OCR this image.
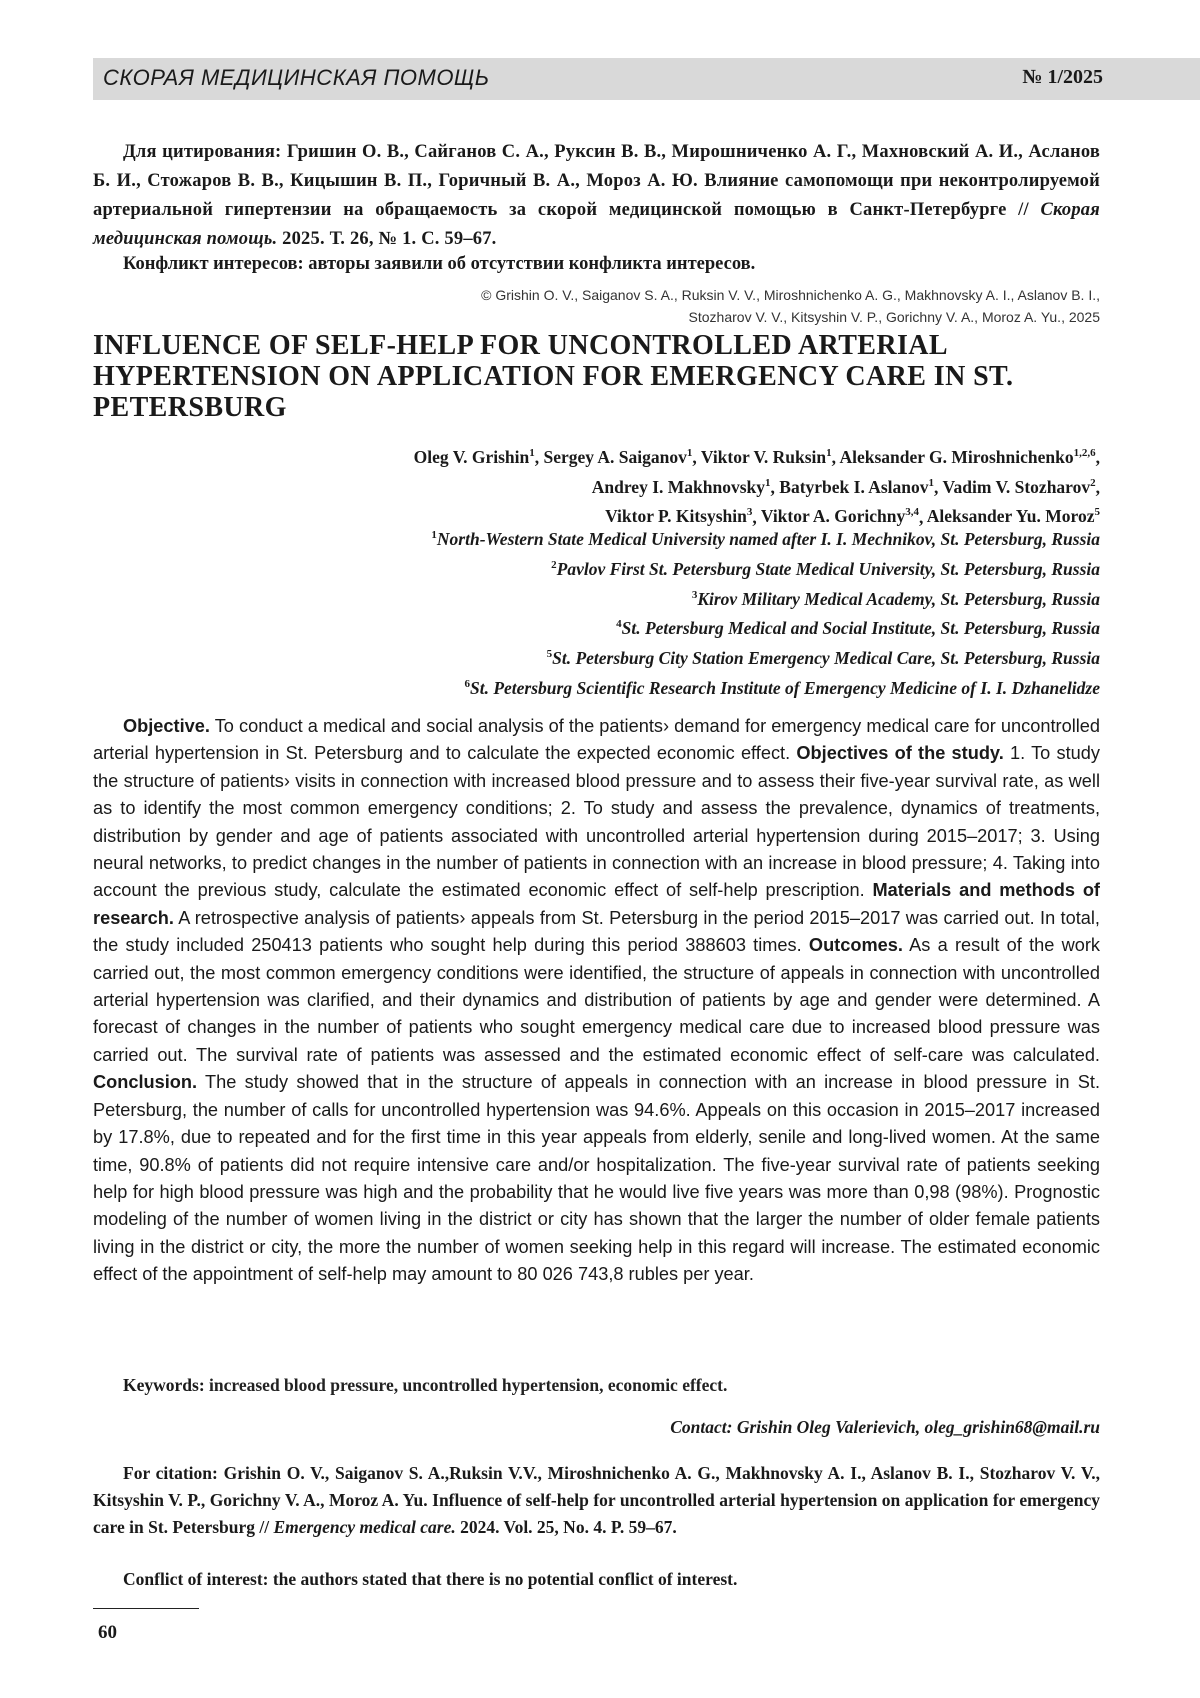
СКОРАЯ МЕДИЦИНСКАЯ ПОМОЩЬ	№ 1/2025
Для цитирования: Гришин О. В., Сайганов С. А., Руксин В. В., Мирошниченко А. Г., Махновский А. И., Асланов Б. И., Стожаров В. В., Кицышин В. П., Горичный В. А., Мороз А. Ю. Влияние самопомощи при неконтролируемой артериальной гипертензии на обращаемость за скорой медицинской помощью в Санкт-Петербурге // Скорая медицинская помощь. 2025. Т. 26, № 1. С. 59–67.
Конфликт интересов: авторы заявили об отсутствии конфликта интересов.
© Grishin O. V., Saiganov S. A., Ruksin V. V., Miroshnichenko A. G., Makhnovsky A. I., Aslanov B. I.,
Stozharov V. V., Kitsyshin V. P., Gorichny V. A., Moroz A. Yu., 2025
INFLUENCE OF SELF-HELP FOR UNCONTROLLED ARTERIAL HYPERTENSION ON APPLICATION FOR EMERGENCY CARE IN ST. PETERSBURG
Oleg V. Grishin$^1$, Sergey A. Saiganov$^1$, Viktor V. Ruksin$^1$, Aleksander G. Miroshnichenko$^{1,2,6}$,
Andrey I. Makhnovsky$^1$, Batyrbek I. Aslanov$^1$, Vadim V. Stozharov$^2$,
Viktor P. Kitsyshin$^3$, Viktor A. Gorichny$^{3,4}$, Aleksander Yu. Moroz$^5$
$^1$North-Western State Medical University named after I. I. Mechnikov, St. Petersburg, Russia
$^2$Pavlov First St. Petersburg State Medical University, St. Petersburg, Russia
$^3$Kirov Military Medical Academy, St. Petersburg, Russia
$^4$St. Petersburg Medical and Social Institute, St. Petersburg, Russia
$^5$St. Petersburg City Station Emergency Medical Care, St. Petersburg, Russia
$^6$St. Petersburg Scientific Research Institute of Emergency Medicine of I. I. Dzhanelidze
Objective. To conduct a medical and social analysis of the patients› demand for emergency medical care for uncontrolled arterial hypertension in St. Petersburg and to calculate the expected economic effect. Objectives of the study. 1. To study the structure of patients› visits in connection with increased blood pressure and to assess their five-year survival rate, as well as to identify the most common emergency conditions; 2. To study and assess the prevalence, dynamics of treatments, distribution by gender and age of patients associated with uncontrolled arterial hypertension during 2015–2017; 3. Using neural networks, to predict changes in the number of patients in connection with an increase in blood pressure; 4. Taking into account the previous study, calculate the estimated economic effect of self-help prescription. Materials and methods of research. A retrospective analysis of patients› appeals from St. Petersburg in the period 2015–2017 was carried out. In total, the study included 250413 patients who sought help during this period 388603 times. Outcomes. As a result of the work carried out, the most common emergency conditions were identified, the structure of appeals in connection with uncontrolled arterial hypertension was clarified, and their dynamics and distribution of patients by age and gender were determined. A forecast of changes in the number of patients who sought emergency medical care due to increased blood pressure was carried out. The survival rate of patients was assessed and the estimated economic effect of self-care was calculated. Conclusion. The study showed that in the structure of appeals in connection with an increase in blood pressure in St. Petersburg, the number of calls for uncontrolled hypertension was 94.6%. Appeals on this occasion in 2015–2017 increased by 17.8%, due to repeated and for the first time in this year appeals from elderly, senile and long-lived women. At the same time, 90.8% of patients did not require intensive care and/or hospitalization. The five-year survival rate of patients seeking help for high blood pressure was high and the probability that he would live five years was more than 0,98 (98%). Prognostic modeling of the number of women living in the district or city has shown that the larger the number of older female patients living in the district or city, the more the number of women seeking help in this regard will increase. The estimated economic effect of the appointment of self-help may amount to 80 026 743,8 rubles per year.
Keywords: increased blood pressure, uncontrolled hypertension, economic effect.
Contact: Grishin Oleg Valerievich, oleg_grishin68@mail.ru
For citation: Grishin O. V., Saiganov S. A.,Ruksin V.V., Miroshnichenko A. G., Makhnovsky A. I., Aslanov B. I., Stozharov V. V., Kitsyshin V. P., Gorichny V. A., Moroz A. Yu. Influence of self-help for uncontrolled arterial hypertension on application for emergency care in St. Petersburg // Emergency medical care. 2024. Vol. 25, No. 4. P. 59–67.
Conflict of interest: the authors stated that there is no potential conflict of interest.
60
